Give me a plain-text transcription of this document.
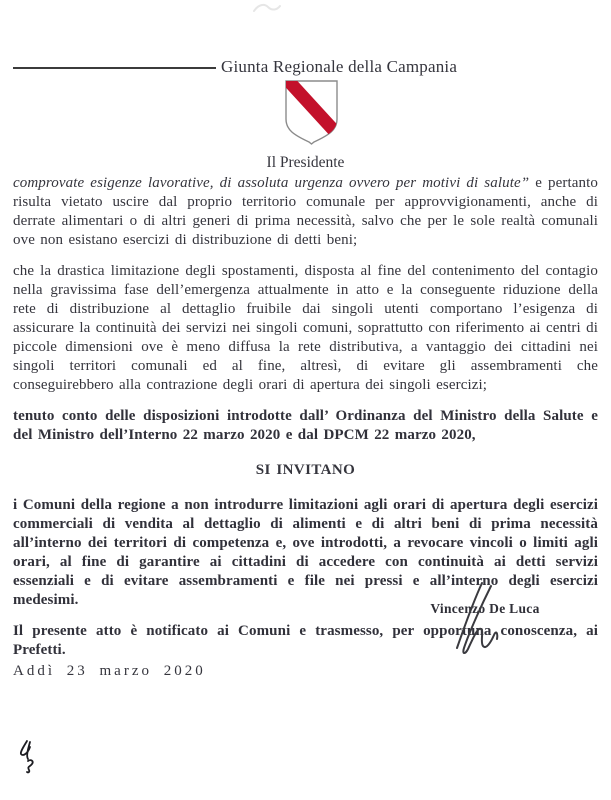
Giunta Regionale della Campania
Il Presidente

comprovate esigenze lavorative, di assoluta urgenza ovvero per motivi di salute” e pertanto risulta vietato uscire dal proprio territorio comunale per approvvigionamenti, anche di derrate alimentari o di altri generi di prima necessità, salvo che per le sole realtà comunali ove non esistano esercizi di distribuzione di detti beni;

che la drastica limitazione degli spostamenti, disposta al fine del contenimento del contagio nella gravissima fase dell’emergenza attualmente in atto e la conseguente riduzione della rete di distribuzione al dettaglio fruibile dai singoli utenti comportano l’esigenza di assicurare la continuità dei servizi nei singoli comuni, soprattutto con riferimento ai centri di piccole dimensioni ove è meno diffusa la rete distributiva, a vantaggio dei cittadini nei singoli territori comunali ed al fine, altresì, di evitare gli assembramenti che conseguirebbero alla contrazione degli orari di apertura dei singoli esercizi;

tenuto conto delle disposizioni introdotte dall’ Ordinanza del Ministro della Salute e del Ministro dell’Interno 22 marzo 2020 e dal DPCM 22 marzo 2020,

SI INVITANO

i Comuni della regione a non introdurre limitazioni agli orari di apertura degli esercizi commerciali di vendita al dettaglio di alimenti e di altri beni di prima necessità all’interno dei territori di competenza e, ove introdotti, a revocare vincoli o limiti agli orari, al fine di garantire ai cittadini di accedere con continuità ai detti servizi essenziali e di evitare assembramenti e file nei pressi e all’interno degli esercizi medesimi.

Il presente atto è notificato ai Comuni e trasmesso, per opportuna conoscenza, ai Prefetti.

Addì 23 marzo 2020

Vincenzo De Luca
